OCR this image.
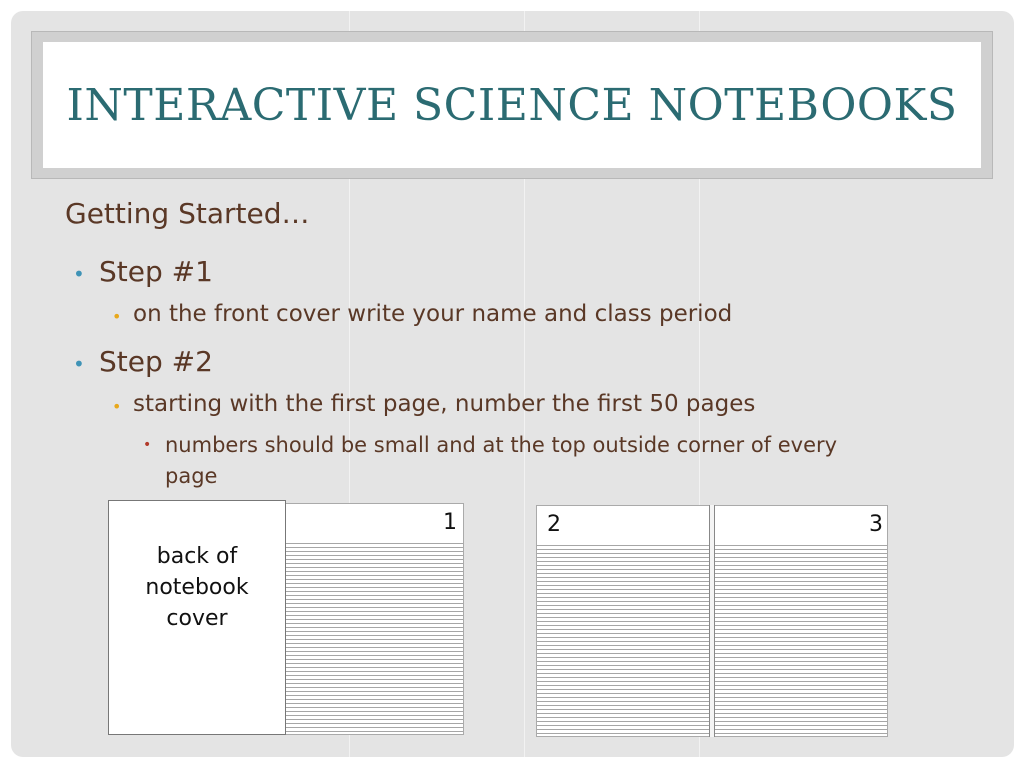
INTERACTIVE SCIENCE NOTEBOOKS
Getting Started…
• Step #1
• on the front cover write your name and class period
• Step #2
• starting with the first page, number the first 50 pages
• numbers should be small and at the top outside corner of every
page
1
back of notebook cover
2	3
